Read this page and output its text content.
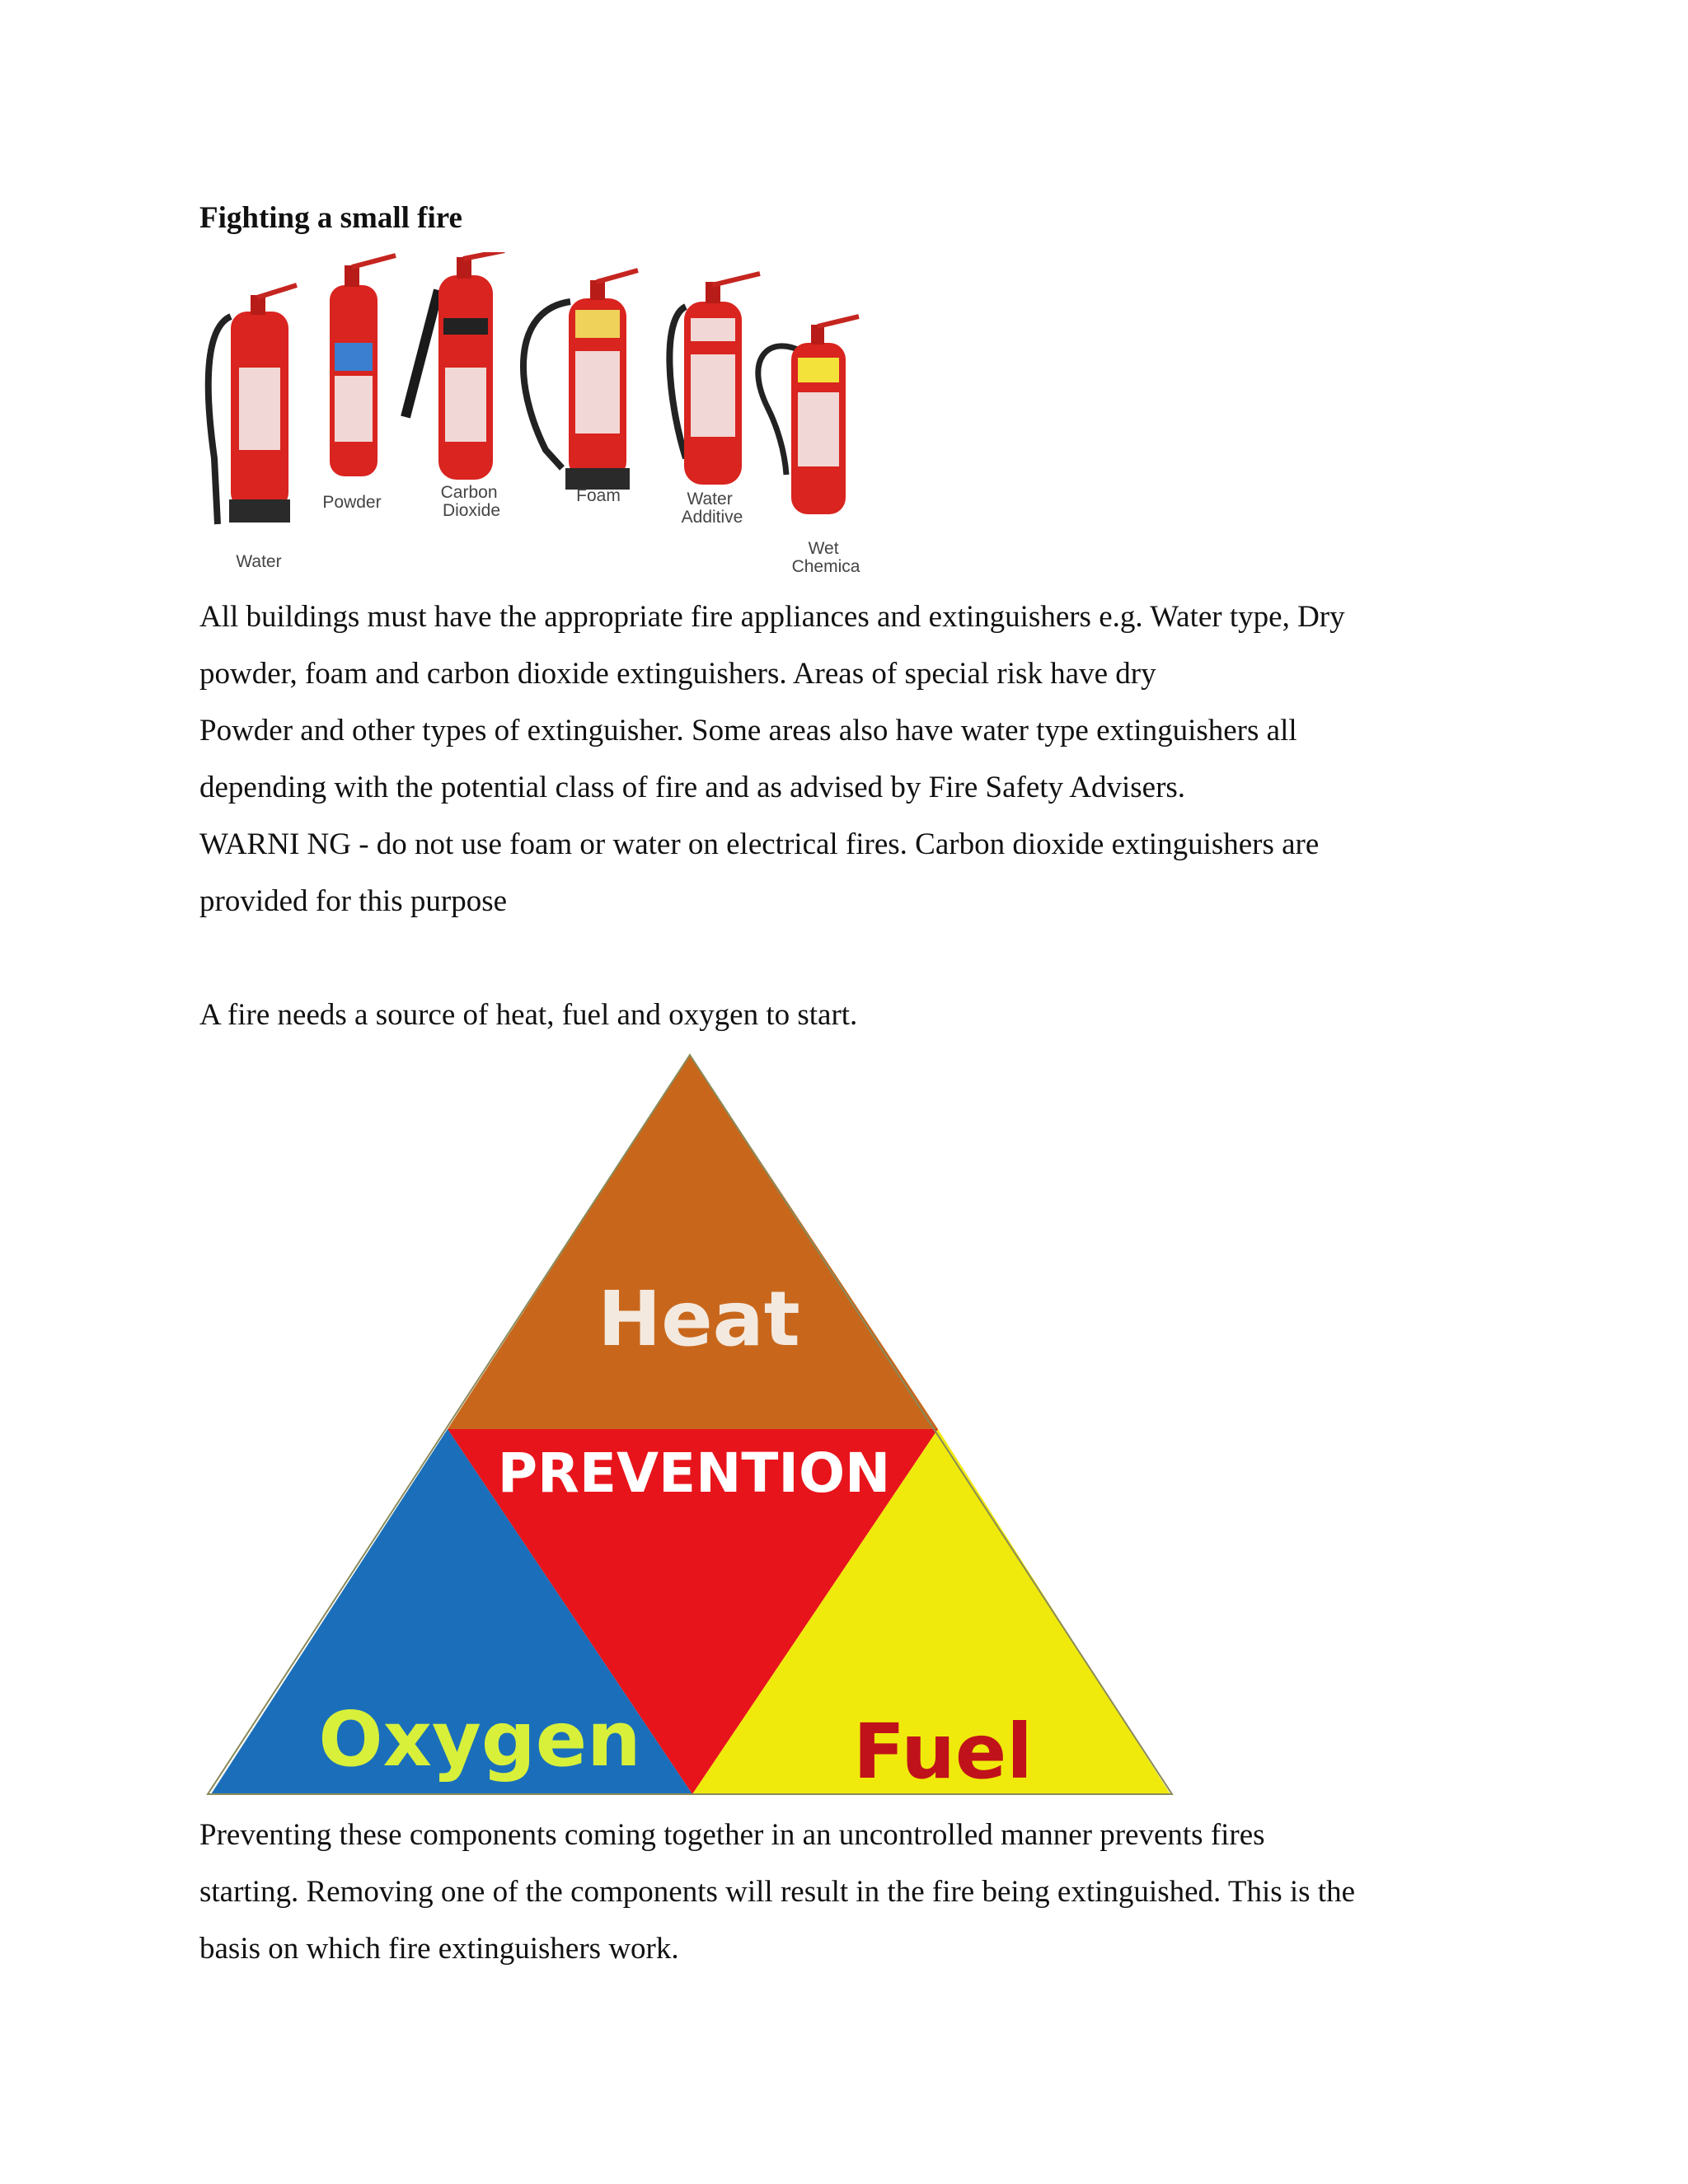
Fighting a small fire
Water
Powder
Carbon Dioxide
Foam	Water Additive
Wet Chemica

All buildings must have the appropriate fire appliances and extinguishers e.g. Water type, Dry
powder, foam and carbon dioxide extinguishers. Areas of special risk have dry
Powder and other types of extinguisher. Some areas also have water type extinguishers all
depending with the potential class of fire and as advised by Fire Safety Advisers.
WARNI NG - do not use foam or water on electrical fires. Carbon dioxide extinguishers are
provided for this purpose

A fire needs a source of heat, fuel and oxygen to start.

Heat
PREVENTION
Oxygen	Fuel

Preventing these components coming together in an uncontrolled manner prevents fires
starting. Removing one of the components will result in the fire being extinguished. This is the
basis on which fire extinguishers work.
